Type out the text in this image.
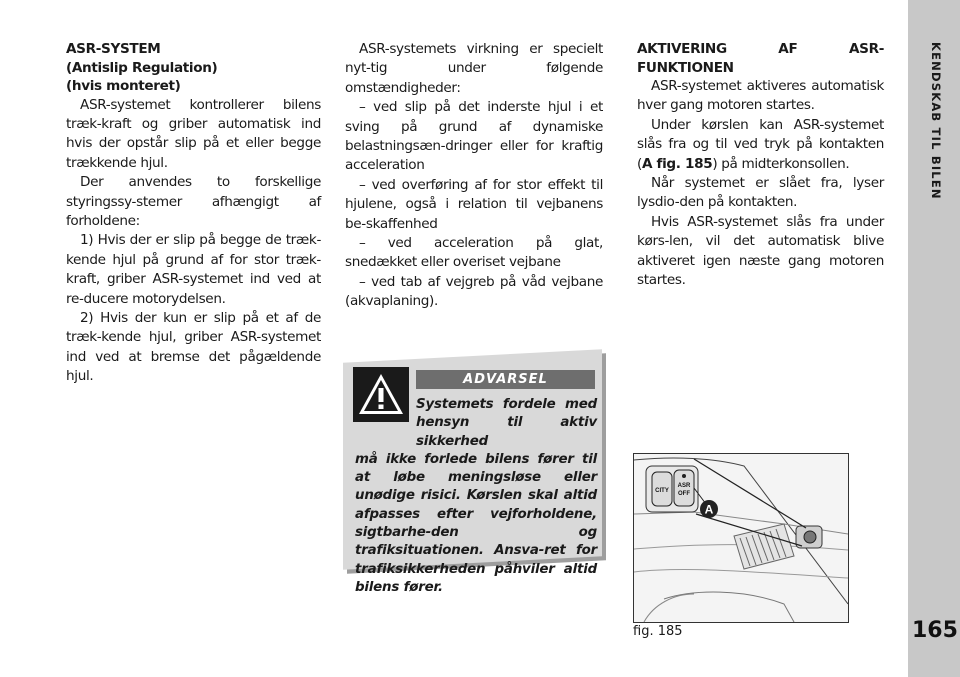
KENDSKAB TIL BILEN
165

ASR-SYSTEM

(Antislip Regulation)

(hvis monteret)

ASR-systemet kontrollerer bilens træk-kraft og griber automatisk ind hvis der opstår slip på et eller begge trækkende hjul.

Der anvendes to forskellige styringssy-stemer afhængigt af forholdene:

1) Hvis der er slip på begge de træk-kende hjul på grund af for stor træk-kraft, griber ASR-systemet ind ved at re-ducere motorydelsen.

2) Hvis der kun er slip på et af de træk-kende hjul, griber ASR-systemet ind ved at bremse det pågældende hjul.

ASR-systemets virkning er specielt nyt-tig under følgende omstændigheder:

– ved slip på det inderste hjul i et sving på grund af dynamiske belastningsæn-dringer eller for kraftig acceleration

– ved overføring af for stor effekt til hjulene, også i relation til vejbanens be-skaffenhed

– ved acceleration på glat, snedækket eller overiset vejbane

– ved tab af vejgreb på våd vejbane (akvaplaning).

AKTIVERING AF ASR-FUNKTIONEN

ASR-systemet aktiveres automatisk hver gang motoren startes.

Under kørslen kan ASR-systemet slås fra og til ved tryk på kontakten (A fig. 185) på midterkonsollen.

Når systemet er slået fra, lyser lysdio-den på kontakten.

Hvis ASR-systemet slås fra under kørs-len, vil det automatisk blive aktiveret igen næste gang motoren startes.

ADVARSEL
Systemets fordele med hensyn til aktiv sikkerhed
må ikke forlede bilens fører til at løbe meningsløse eller unødige risici. Kørslen skal altid afpasses efter vejforholdene, sigtbarhe-den og trafiksituationen. Ansva-ret for trafiksikkerheden påhviler altid bilens fører.
CITY
ASR
OFF
A
fig. 185
